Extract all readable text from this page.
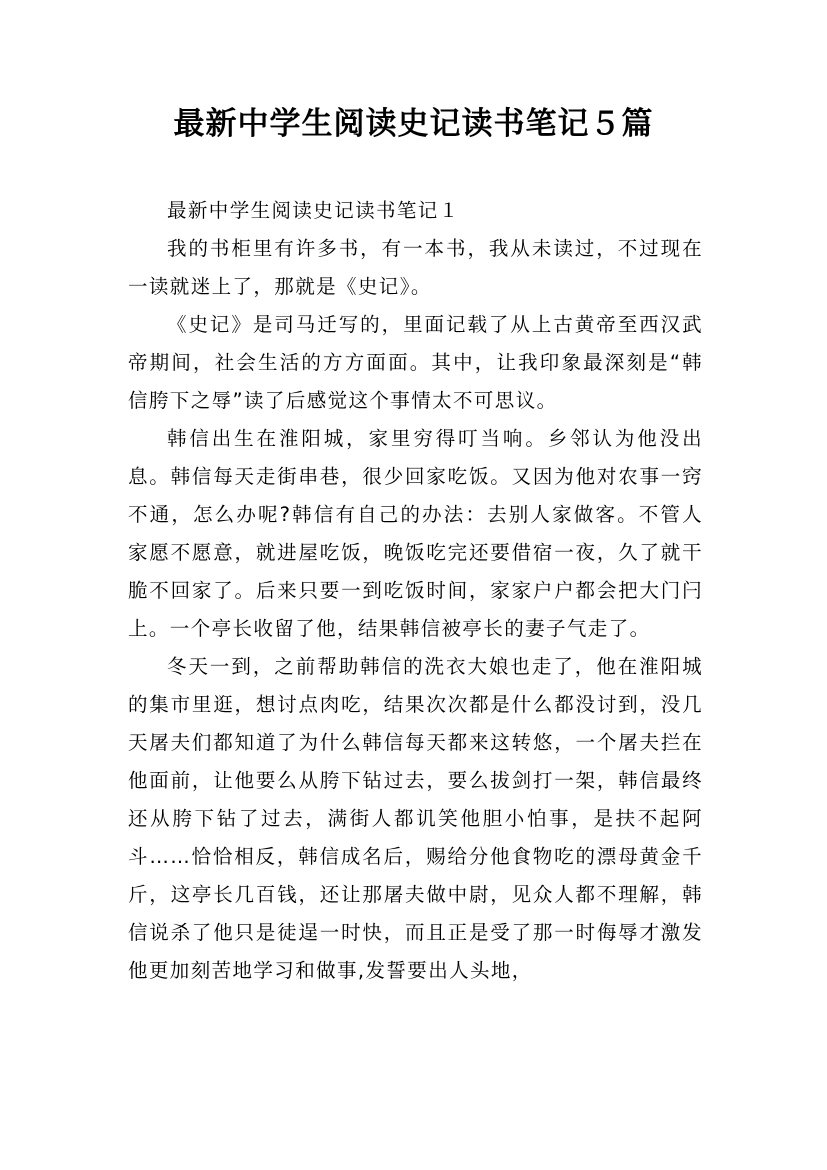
最新中学生阅读史记读书笔记５篇

最新中学生阅读史记读书笔记１

我的书柜里有许多书，有一本书，我从未读过，不过现在一读就迷上了，那就是《史记》。

《史记》是司马迁写的，里面记载了从上古黄帝至西汉武帝期间，社会生活的方方面面。其中，让我印象最深刻是“韩信胯下之辱”读了后感觉这个事情太不可思议。

韩信出生在淮阳城，家里穷得叮当响。乡邻认为他没出息。韩信每天走街串巷，很少回家吃饭。又因为他对农事一窍不通，怎么办呢?韩信有自己的办法：去别人家做客。不管人家愿不愿意，就进屋吃饭，晚饭吃完还要借宿一夜，久了就干脆不回家了。后来只要一到吃饭时间，家家户户都会把大门闩上。一个亭长收留了他，结果韩信被亭长的妻子气走了。

冬天一到，之前帮助韩信的洗衣大娘也走了，他在淮阳城的集市里逛，想讨点肉吃，结果次次都是什么都没讨到，没几天屠夫们都知道了为什么韩信每天都来这转悠，一个屠夫拦在他面前，让他要么从胯下钻过去，要么拔剑打一架，韩信最终还从胯下钻了过去，满街人都讥笑他胆小怕事，是扶不起阿斗……恰恰相反，韩信成名后，赐给分他食物吃的漂母黄金千斤，这亭长几百钱，还让那屠夫做中尉，见众人都不理解，韩信说杀了他只是徒逞一时快，而且正是受了那一时侮辱才激发他更加刻苦地学习和做事,发誓要出人头地，
